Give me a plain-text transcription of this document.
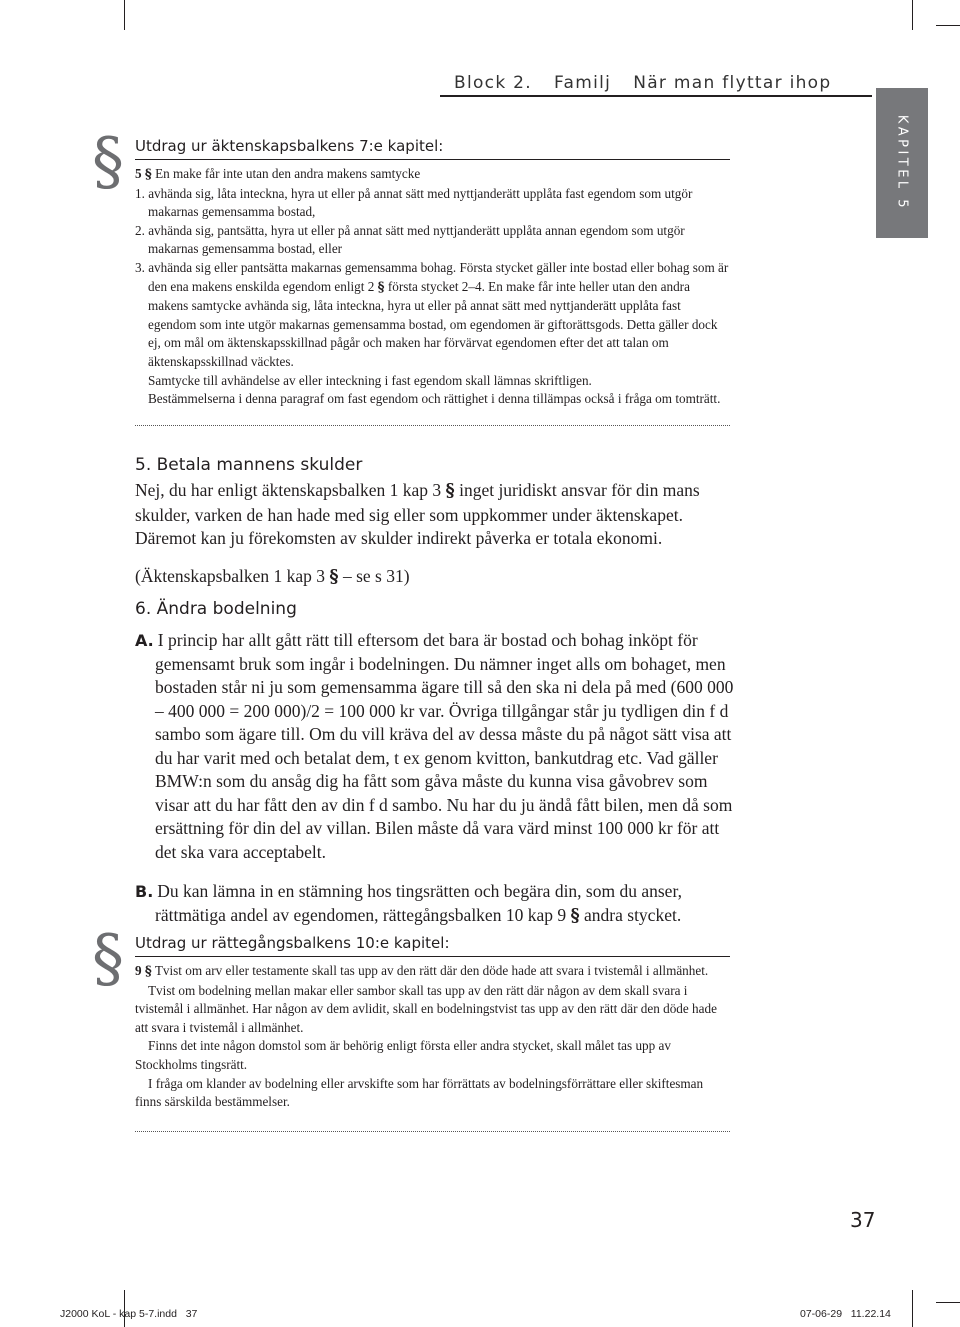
Block 2. Familj När man flyttar ihop
KAPITEL 5
§ Utdrag ur äktenskapsbalkens 7:e kapitel:

5 § En make får inte utan den andra makens samtycke

1. avhända sig, låta inteckna, hyra ut eller på annat sätt med nyttjanderätt upplåta fast egendom som utgör makarnas gemensamma bostad,

2. avhända sig, pantsätta, hyra ut eller på annat sätt med nyttjanderätt upplåta annan egendom som utgör makarnas gemensamma bostad, eller

3. avhända sig eller pantsätta makarnas gemensamma bohag. Första stycket gäller inte bostad eller bohag som är den ena makens enskilda egendom enligt 2 § första stycket 2–4. En make får inte heller utan den andra makens samtycke avhända sig, låta inteckna, hyra ut eller på annat sätt med nyttjanderätt upplåta fast egendom som inte utgör makarnas gemensamma bostad, om egendomen är giftorättsgods. Detta gäller dock ej, om mål om äktenskapsskillnad pågår och maken har förvärvat egendomen efter det att talan om äktenskapsskillnad väcktes.

Samtycke till avhändelse av eller inteckning i fast egendom skall lämnas skriftligen.

Bestämmelserna i denna paragraf om fast egendom och rättighet i denna tillämpas också i fråga om tomträtt.

5. Betala mannens skulder

Nej, du har enligt äktenskapsbalken 1 kap 3 § inget juridiskt ansvar för din mans skulder, varken de han hade med sig eller som uppkommer under äktenskapet. Däremot kan ju förekomsten av skulder indirekt påverka er totala ekonomi.

(Äktenskapsbalken 1 kap 3 § – se s 31)

6. Ändra bodelning

A. I princip har allt gått rätt till eftersom det bara är bostad och bohag inköpt för gemensamt bruk som ingår i bodelningen. Du nämner inget alls om bohaget, men bostaden står ni ju som gemensamma ägare till så den ska ni dela på med (600 000 – 400 000 = 200 000)/2 = 100 000 kr var. Övriga tillgångar står ju tydligen din f d sambo som ägare till. Om du vill kräva del av dessa måste du på något sätt visa att du har varit med och betalat dem, t ex genom kvitton, bankutdrag etc. Vad gäller BMW:n som du ansåg dig ha fått som gåva måste du kunna visa gåvobrev som visar att du har fått den av din f d sambo. Nu har du ju ändå fått bilen, men då som ersättning för din del av villan. Bilen måste då vara värd minst 100 000 kr för att det ska vara acceptabelt.

B. Du kan lämna in en stämning hos tingsrätten och begära din, som du anser, rättmätiga andel av egendomen, rättegångsbalken 10 kap 9 § andra stycket.

§ Utdrag ur rättegångsbalkens 10:e kapitel:

9 § Tvist om arv eller testamente skall tas upp av den rätt där den döde hade att svara i tvistemål i allmänhet.

Tvist om bodelning mellan makar eller sambor skall tas upp av den rätt där någon av dem skall svara i tvistemål i allmänhet. Har någon av dem avlidit, skall en bodelningstvist tas upp av den rätt där den döde hade att svara i tvistemål i allmänhet.

Finns det inte någon domstol som är behörig enligt första eller andra stycket, skall målet tas upp av Stockholms tingsrätt.

I fråga om klander av bodelning eller arvskifte som har förrättats av bodelningsförrättare eller skiftesman finns särskilda bestämmelser.

37
J2000 KoL - kap 5-7.indd   37	07-06-29   11.22.14
